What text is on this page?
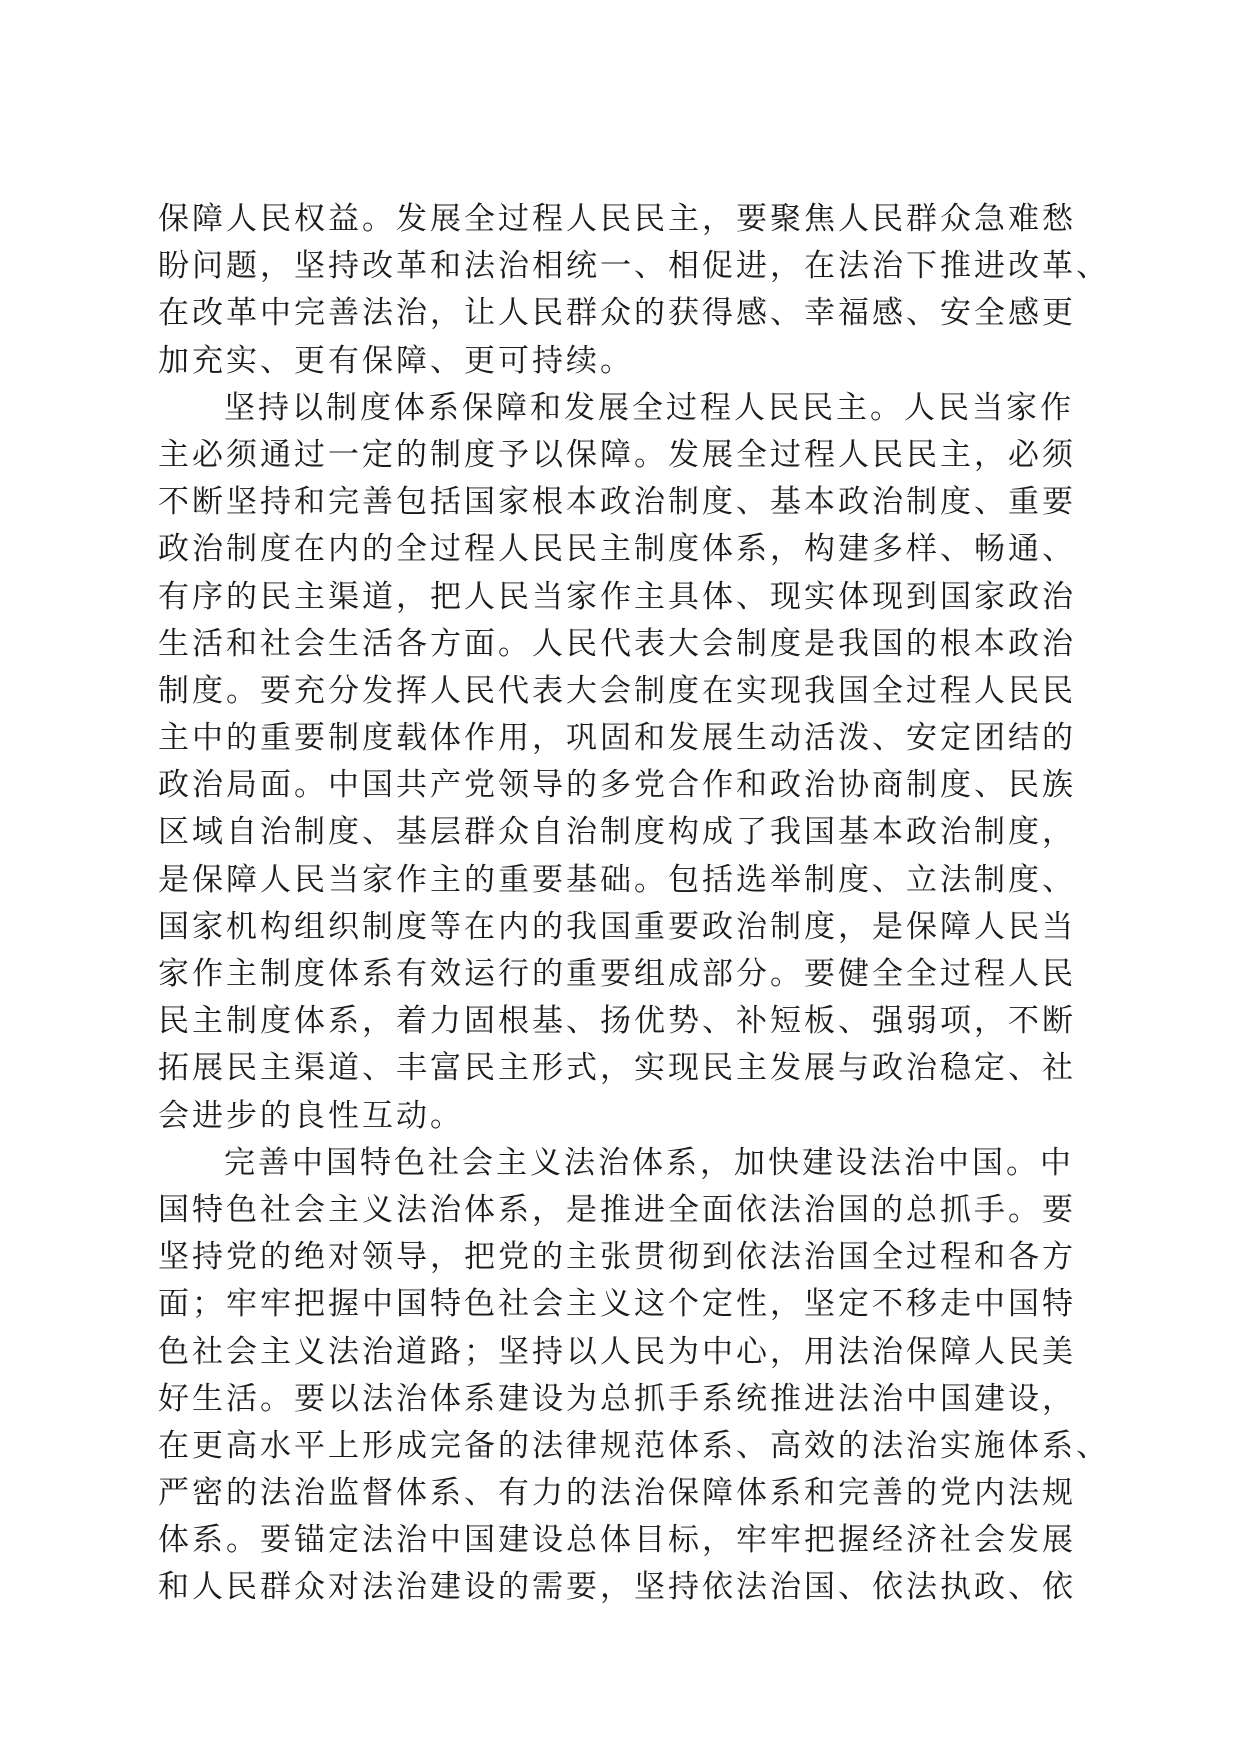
保障人民权益。发展全过程人民民主，要聚焦人民群众急难愁
盼问题，坚持改革和法治相统一、相促进，在法治下推进改革、
在改革中完善法治，让人民群众的获得感、幸福感、安全感更
加充实、更有保障、更可持续。
坚持以制度体系保障和发展全过程人民民主。人民当家作
主必须通过一定的制度予以保障。发展全过程人民民主，必须
不断坚持和完善包括国家根本政治制度、基本政治制度、重要
政治制度在内的全过程人民民主制度体系，构建多样、畅通、
有序的民主渠道，把人民当家作主具体、现实体现到国家政治
生活和社会生活各方面。人民代表大会制度是我国的根本政治
制度。要充分发挥人民代表大会制度在实现我国全过程人民民
主中的重要制度载体作用，巩固和发展生动活泼、安定团结的
政治局面。中国共产党领导的多党合作和政治协商制度、民族
区域自治制度、基层群众自治制度构成了我国基本政治制度，
是保障人民当家作主的重要基础。包括选举制度、立法制度、
国家机构组织制度等在内的我国重要政治制度，是保障人民当
家作主制度体系有效运行的重要组成部分。要健全全过程人民
民主制度体系，着力固根基、扬优势、补短板、强弱项，不断
拓展民主渠道、丰富民主形式，实现民主发展与政治稳定、社
会进步的良性互动。
完善中国特色社会主义法治体系，加快建设法治中国。中
国特色社会主义法治体系，是推进全面依法治国的总抓手。要
坚持党的绝对领导，把党的主张贯彻到依法治国全过程和各方
面；牢牢把握中国特色社会主义这个定性，坚定不移走中国特
色社会主义法治道路；坚持以人民为中心，用法治保障人民美
好生活。要以法治体系建设为总抓手系统推进法治中国建设，
在更高水平上形成完备的法律规范体系、高效的法治实施体系、
严密的法治监督体系、有力的法治保障体系和完善的党内法规
体系。要锚定法治中国建设总体目标，牢牢把握经济社会发展
和人民群众对法治建设的需要，坚持依法治国、依法执政、依
